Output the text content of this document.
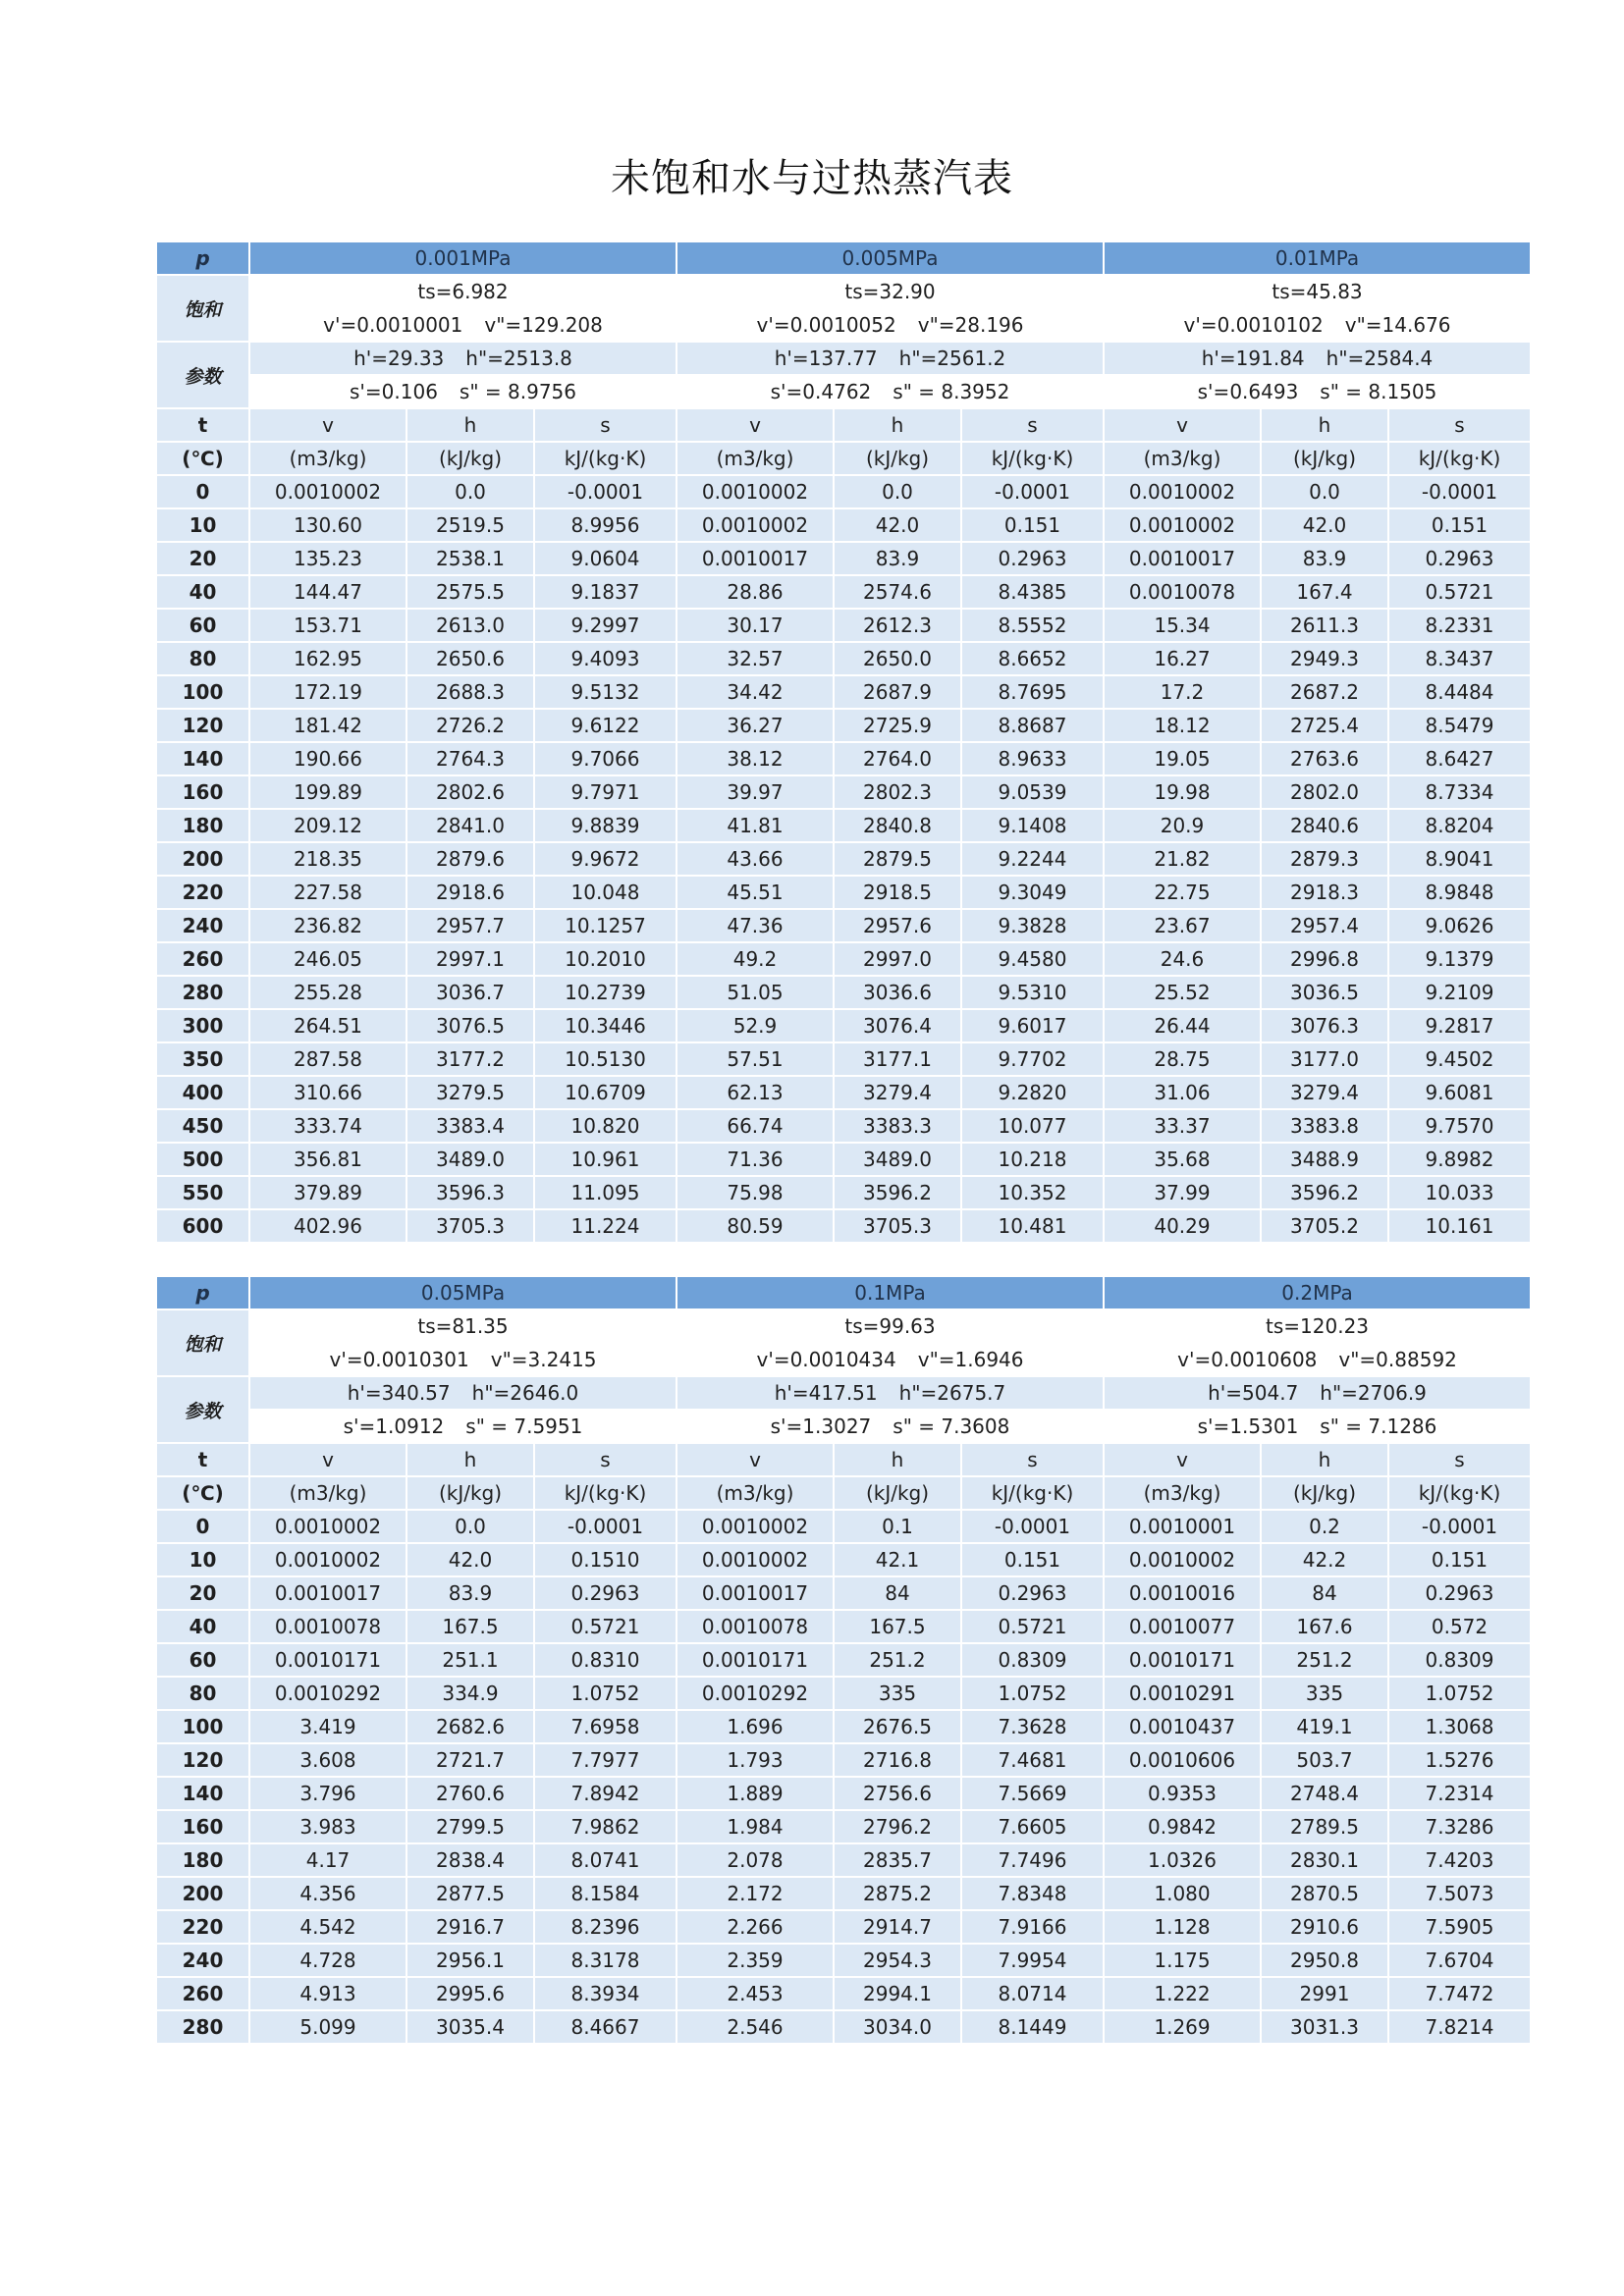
未饱和水与过热蒸汽表
p	0.001MPa			0.005MPa			0.01MPa		
饱和	ts=6.982			ts=32.90			ts=45.83		
	v'=0.0010001 v"=129.208			v'=0.0010052 v"=28.196			v'=0.0010102 v"=14.676		
参数	h'=29.33 h"=2513.8			h'=137.77 h"=2561.2			h'=191.84 h"=2584.4		
	s'=0.106 s" = 8.9756			s'=0.4762 s" = 8.3952			s'=0.6493 s" = 8.1505		
t	v	h	s	v	h	s	v	h	s
(℃)	(m3/kg)	(kJ/kg)	kJ/(kg·K)	(m3/kg)	(kJ/kg)	kJ/(kg·K)	(m3/kg)	(kJ/kg)	kJ/(kg·K)
0	0.0010002	0.0	-0.0001	0.0010002	0.0	-0.0001	0.0010002	0.0	-0.0001
10	130.60	2519.5	8.9956	0.0010002	42.0	0.151	0.0010002	42.0	0.151
20	135.23	2538.1	9.0604	0.0010017	83.9	0.2963	0.0010017	83.9	0.2963
40	144.47	2575.5	9.1837	28.86	2574.6	8.4385	0.0010078	167.4	0.5721
60	153.71	2613.0	9.2997	30.17	2612.3	8.5552	15.34	2611.3	8.2331
80	162.95	2650.6	9.4093	32.57	2650.0	8.6652	16.27	2949.3	8.3437
100	172.19	2688.3	9.5132	34.42	2687.9	8.7695	17.2	2687.2	8.4484
120	181.42	2726.2	9.6122	36.27	2725.9	8.8687	18.12	2725.4	8.5479
140	190.66	2764.3	9.7066	38.12	2764.0	8.9633	19.05	2763.6	8.6427
160	199.89	2802.6	9.7971	39.97	2802.3	9.0539	19.98	2802.0	8.7334
180	209.12	2841.0	9.8839	41.81	2840.8	9.1408	20.9	2840.6	8.8204
200	218.35	2879.6	9.9672	43.66	2879.5	9.2244	21.82	2879.3	8.9041
220	227.58	2918.6	10.048	45.51	2918.5	9.3049	22.75	2918.3	8.9848
240	236.82	2957.7	10.1257	47.36	2957.6	9.3828	23.67	2957.4	9.0626
260	246.05	2997.1	10.2010	49.2	2997.0	9.4580	24.6	2996.8	9.1379
280	255.28	3036.7	10.2739	51.05	3036.6	9.5310	25.52	3036.5	9.2109
300	264.51	3076.5	10.3446	52.9	3076.4	9.6017	26.44	3076.3	9.2817
350	287.58	3177.2	10.5130	57.51	3177.1	9.7702	28.75	3177.0	9.4502
400	310.66	3279.5	10.6709	62.13	3279.4	9.2820	31.06	3279.4	9.6081
450	333.74	3383.4	10.820	66.74	3383.3	10.077	33.37	3383.8	9.7570
500	356.81	3489.0	10.961	71.36	3489.0	10.218	35.68	3488.9	9.8982
550	379.89	3596.3	11.095	75.98	3596.2	10.352	37.99	3596.2	10.033
600	402.96	3705.3	11.224	80.59	3705.3	10.481	40.29	3705.2	10.161

p	0.05MPa			0.1MPa			0.2MPa		
饱和	ts=81.35			ts=99.63			ts=120.23		
	v'=0.0010301 v"=3.2415			v'=0.0010434 v"=1.6946			v'=0.0010608 v"=0.88592		
参数	h'=340.57 h"=2646.0			h'=417.51 h"=2675.7			h'=504.7 h"=2706.9		
	s'=1.0912 s" = 7.5951			s'=1.3027 s" = 7.3608			s'=1.5301 s" = 7.1286		
t	v	h	s	v	h	s	v	h	s
(℃)	(m3/kg)	(kJ/kg)	kJ/(kg·K)	(m3/kg)	(kJ/kg)	kJ/(kg·K)	(m3/kg)	(kJ/kg)	kJ/(kg·K)
0	0.0010002	0.0	-0.0001	0.0010002	0.1	-0.0001	0.0010001	0.2	-0.0001
10	0.0010002	42.0	0.1510	0.0010002	42.1	0.151	0.0010002	42.2	0.151
20	0.0010017	83.9	0.2963	0.0010017	84	0.2963	0.0010016	84	0.2963
40	0.0010078	167.5	0.5721	0.0010078	167.5	0.5721	0.0010077	167.6	0.572
60	0.0010171	251.1	0.8310	0.0010171	251.2	0.8309	0.0010171	251.2	0.8309
80	0.0010292	334.9	1.0752	0.0010292	335	1.0752	0.0010291	335	1.0752
100	3.419	2682.6	7.6958	1.696	2676.5	7.3628	0.0010437	419.1	1.3068
120	3.608	2721.7	7.7977	1.793	2716.8	7.4681	0.0010606	503.7	1.5276
140	3.796	2760.6	7.8942	1.889	2756.6	7.5669	0.9353	2748.4	7.2314
160	3.983	2799.5	7.9862	1.984	2796.2	7.6605	0.9842	2789.5	7.3286
180	4.17	2838.4	8.0741	2.078	2835.7	7.7496	1.0326	2830.1	7.4203
200	4.356	2877.5	8.1584	2.172	2875.2	7.8348	1.080	2870.5	7.5073
220	4.542	2916.7	8.2396	2.266	2914.7	7.9166	1.128	2910.6	7.5905
240	4.728	2956.1	8.3178	2.359	2954.3	7.9954	1.175	2950.8	7.6704
260	4.913	2995.6	8.3934	2.453	2994.1	8.0714	1.222	2991	7.7472
280	5.099	3035.4	8.4667	2.546	3034.0	8.1449	1.269	3031.3	7.8214
